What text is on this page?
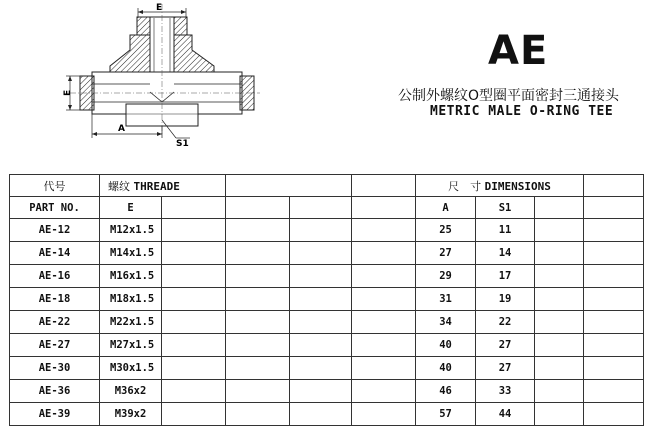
E
E
A
S1
AE
公制外螺纹O型圈平面密封三通接头
METRIC MALE O-RING TEE
代号	螺纹 THREADE					尺　寸 DIMENSIONS			
PART NO.	E					A	S1		
AE-12	M12x1.5					25	11		
AE-14	M14x1.5					27	14		
AE-16	M16x1.5					29	17		
AE-18	M18x1.5					31	19		
AE-22	M22x1.5					34	22		
AE-27	M27x1.5					40	27		
AE-30	M30x1.5					40	27		
AE-36	M36x2					46	33		
AE-39	M39x2					57	44		
